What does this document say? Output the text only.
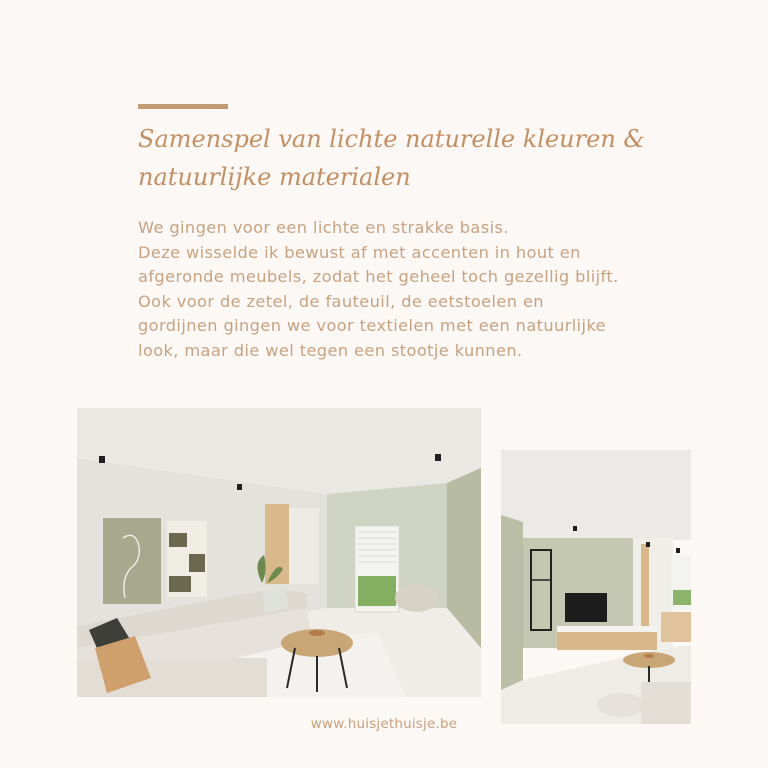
Samenspel van lichte naturelle kleuren &
natuurlijke materialen

We gingen voor een lichte en strakke basis.
Deze wisselde ik bewust af met accenten in hout en
afgeronde meubels, zodat het geheel toch gezellig blijft.
Ook voor de zetel, de fauteuil, de eetstoelen en
gordijnen gingen we voor textielen met een natuurlijke
look, maar die wel tegen een stootje kunnen.

www.huisjethuisje.be
